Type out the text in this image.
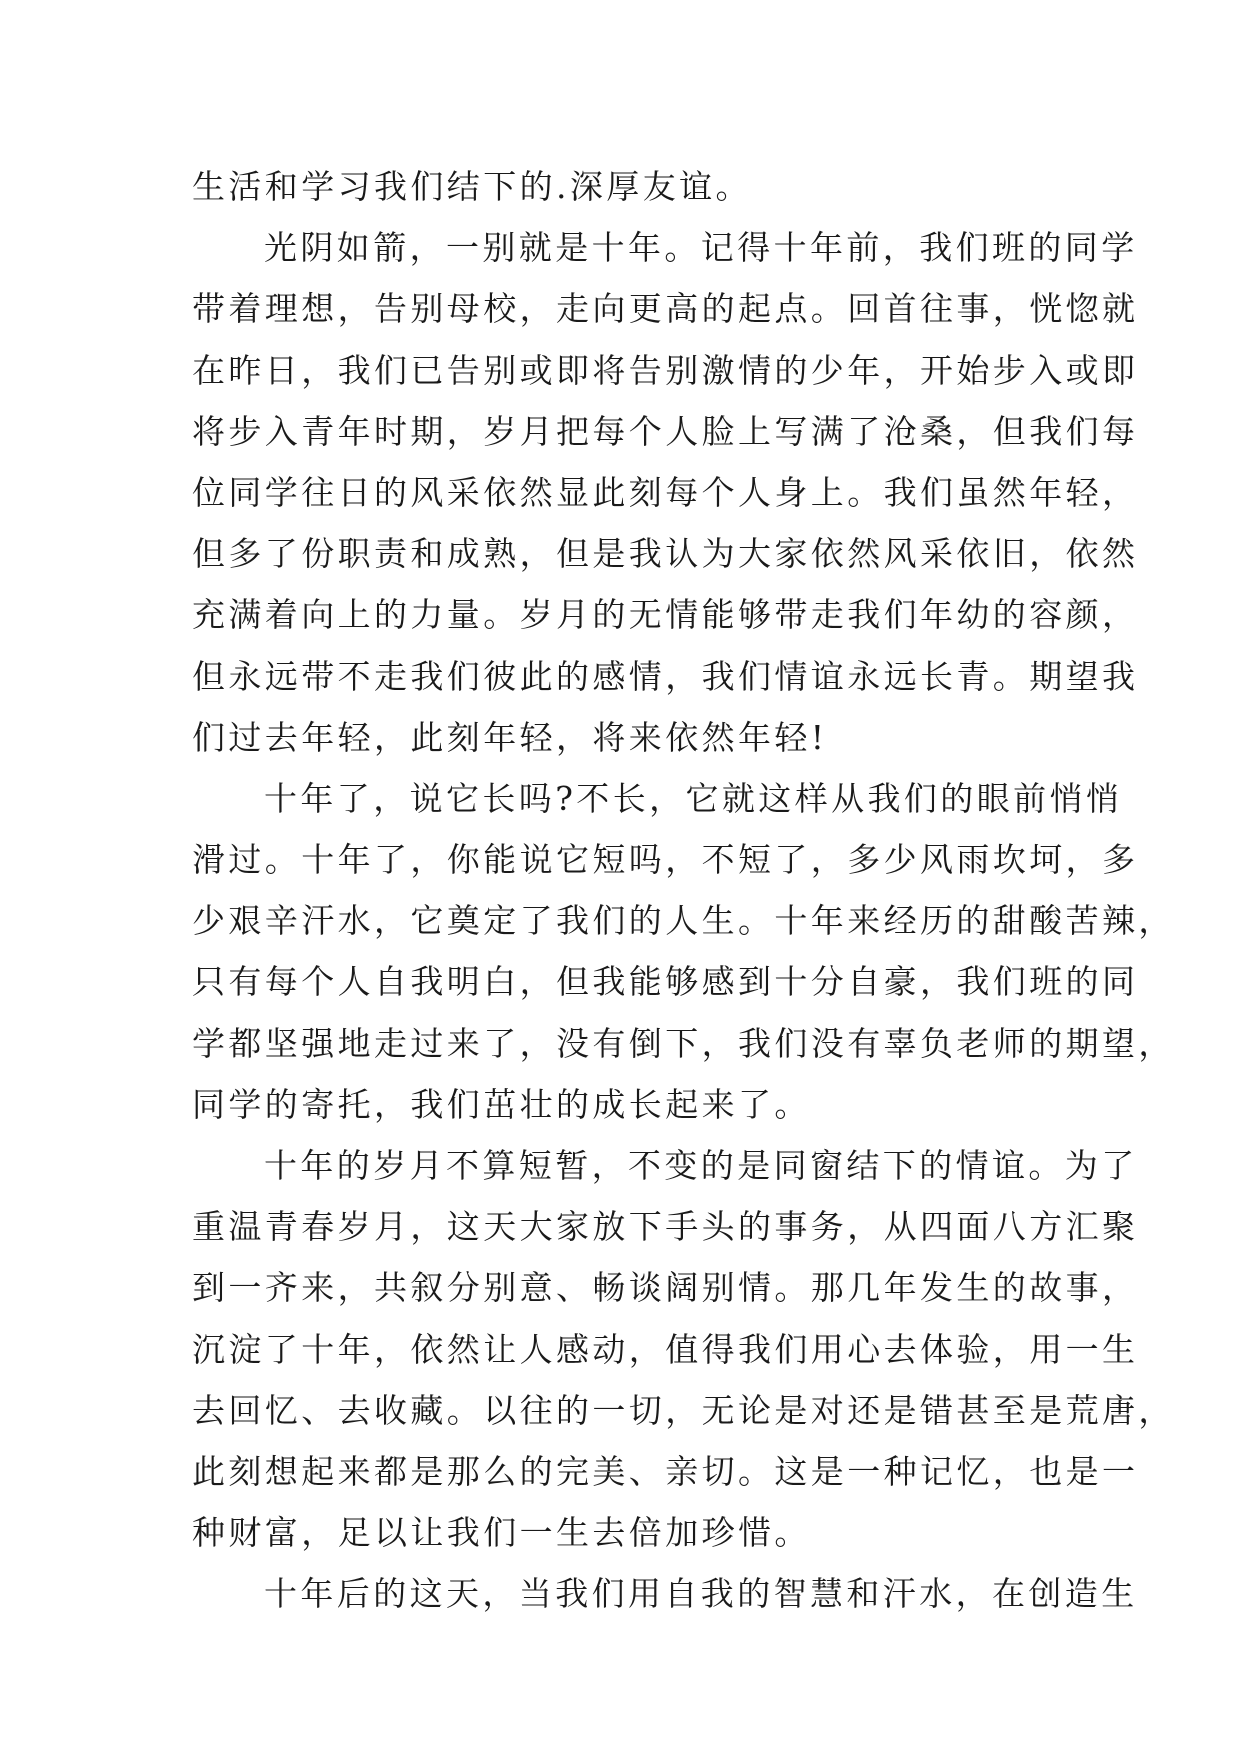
生活和学习我们结下的.深厚友谊。
光阴如箭，一别就是十年。记得十年前，我们班的同学
带着理想，告别母校，走向更高的起点。回首往事，恍惚就
在昨日，我们已告别或即将告别激情的少年，开始步入或即
将步入青年时期，岁月把每个人脸上写满了沧桑，但我们每
位同学往日的风采依然显此刻每个人身上。我们虽然年轻，
但多了份职责和成熟，但是我认为大家依然风采依旧，依然
充满着向上的力量。岁月的无情能够带走我们年幼的容颜，
但永远带不走我们彼此的感情，我们情谊永远长青。期望我
们过去年轻，此刻年轻，将来依然年轻!
十年了，说它长吗?不长，它就这样从我们的眼前悄悄
滑过。十年了，你能说它短吗，不短了，多少风雨坎坷，多
少艰辛汗水，它奠定了我们的人生。十年来经历的甜酸苦辣，
只有每个人自我明白，但我能够感到十分自豪，我们班的同
学都坚强地走过来了，没有倒下，我们没有辜负老师的期望，
同学的寄托，我们茁壮的成长起来了。
十年的岁月不算短暂，不变的是同窗结下的情谊。为了
重温青春岁月，这天大家放下手头的事务，从四面八方汇聚
到一齐来，共叙分别意、畅谈阔别情。那几年发生的故事，
沉淀了十年，依然让人感动，值得我们用心去体验，用一生
去回忆、去收藏。以往的一切，无论是对还是错甚至是荒唐，
此刻想起来都是那么的完美、亲切。这是一种记忆，也是一
种财富，足以让我们一生去倍加珍惜。
十年后的这天，当我们用自我的智慧和汗水，在创造生
